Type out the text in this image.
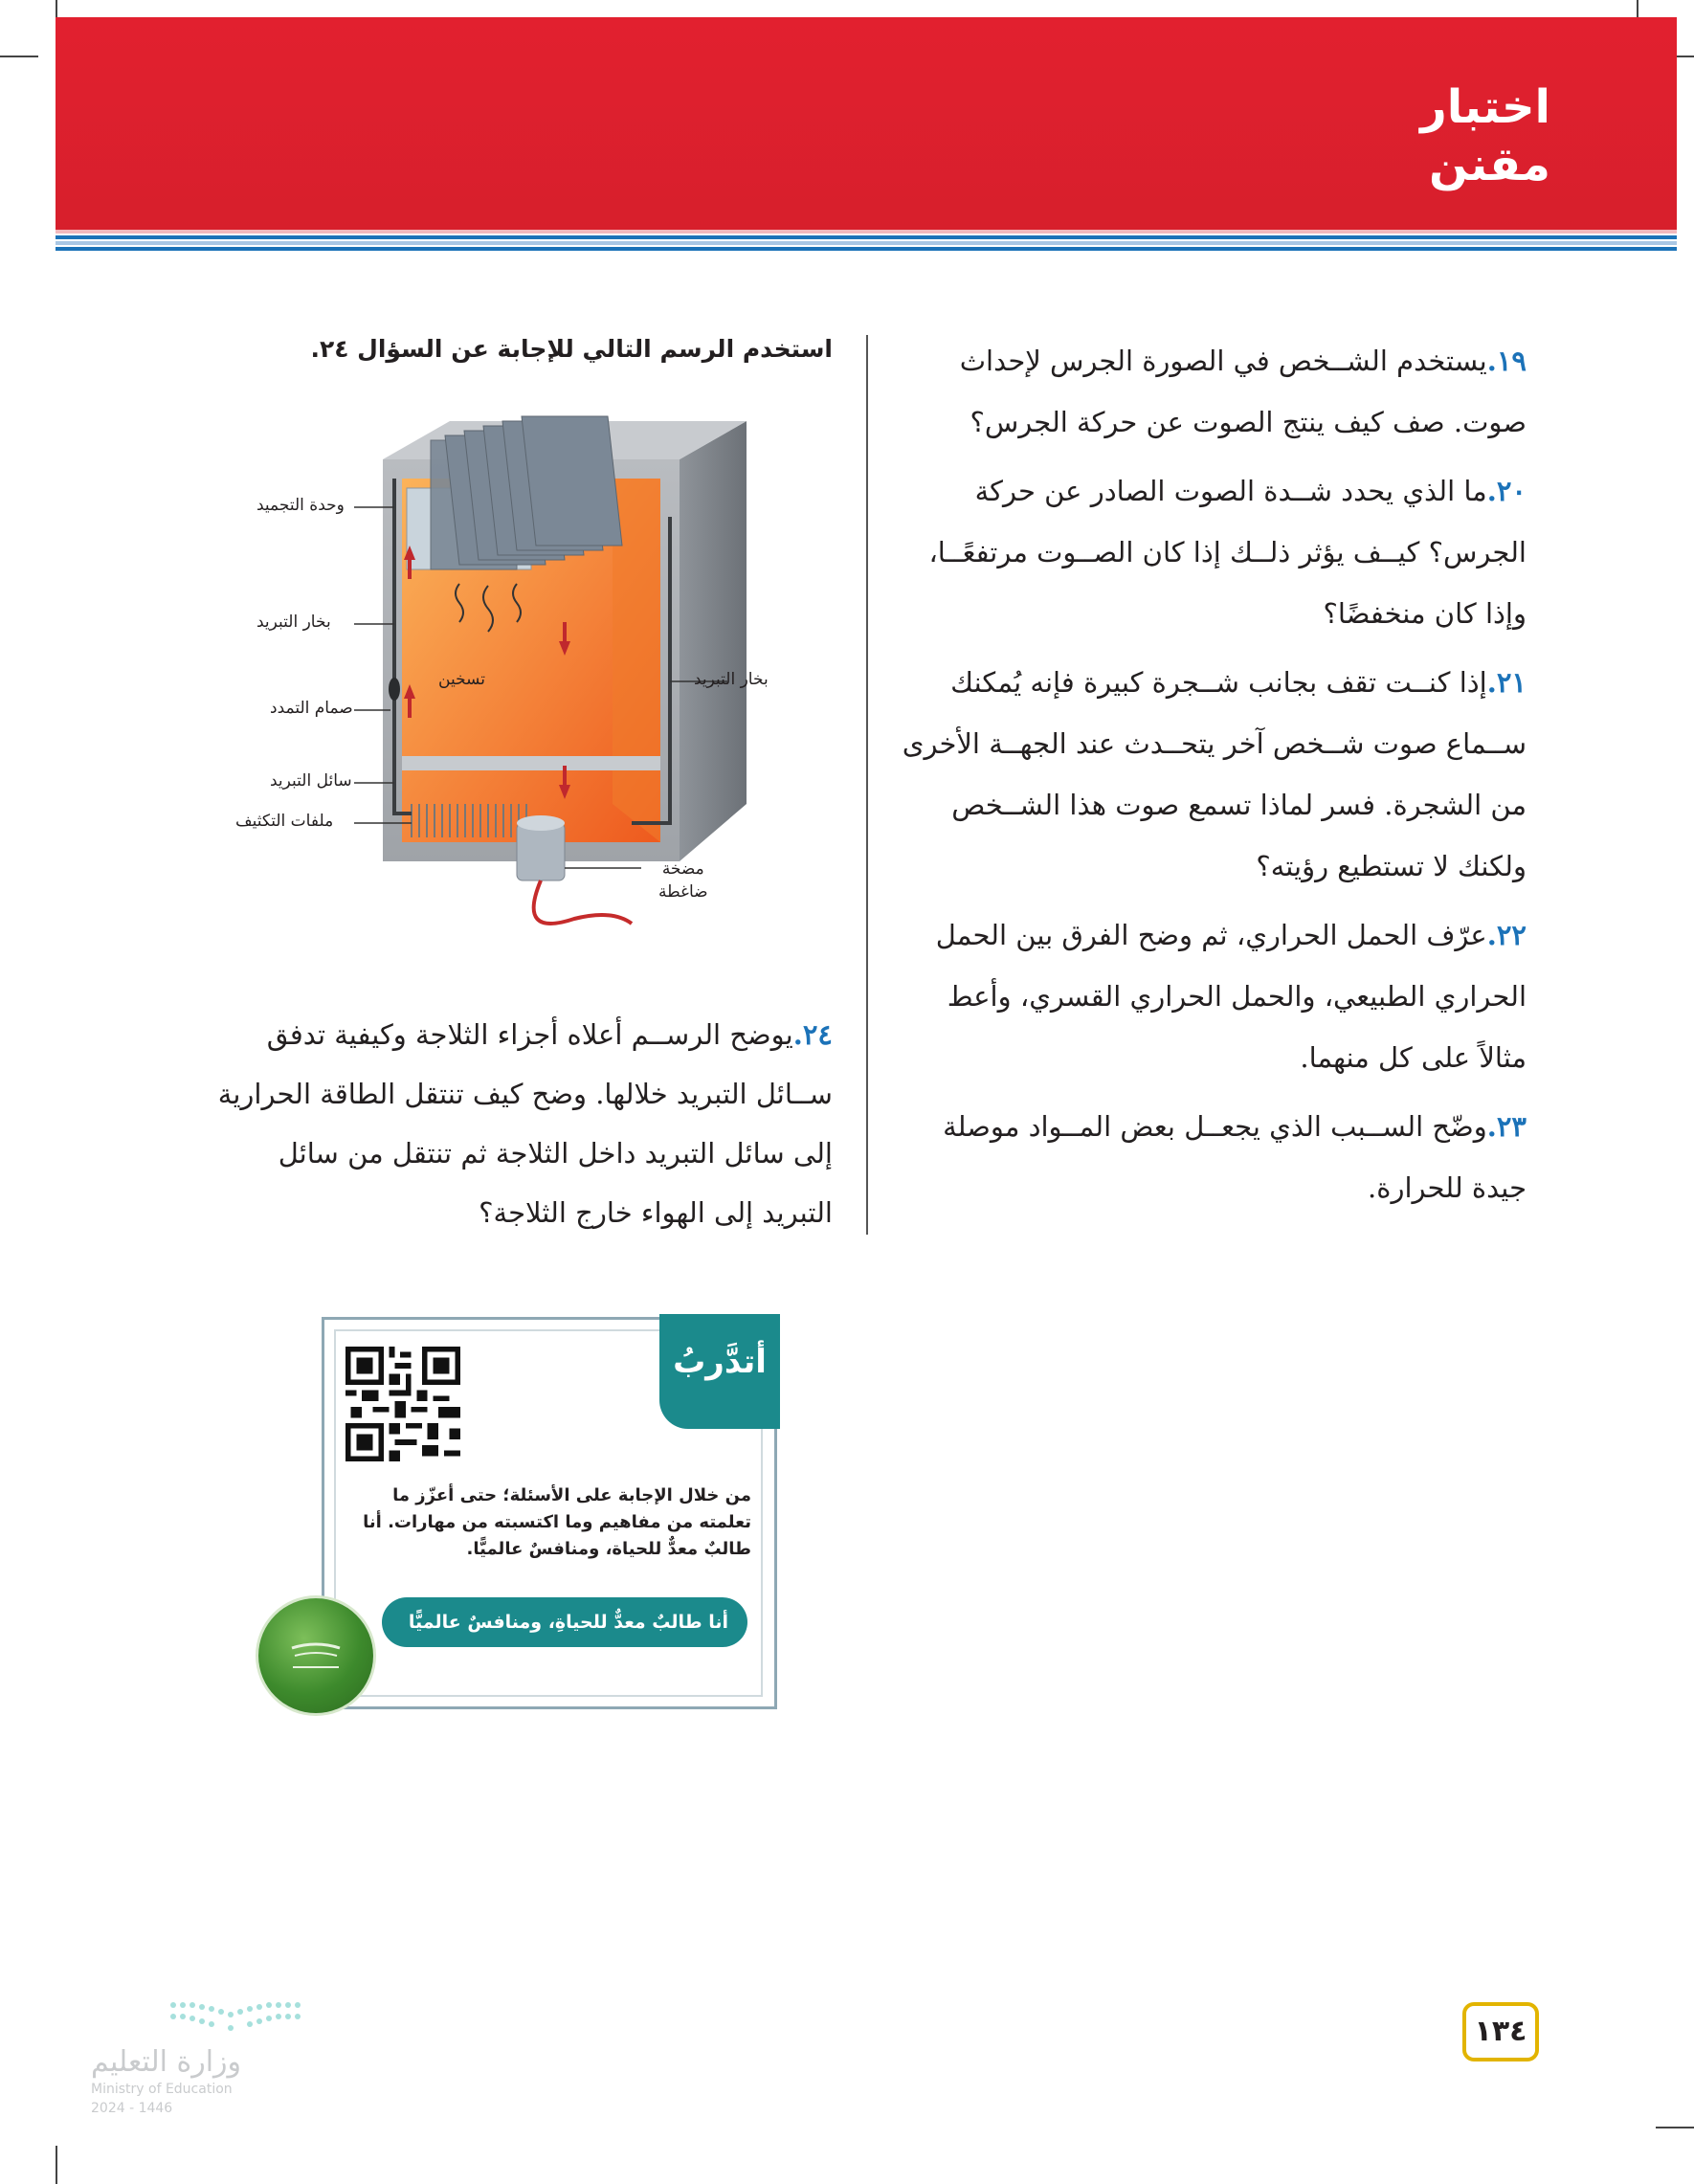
اختبار
مقنن
١٩.يستخدم الشــخص في الصورة الجرس لإحداث صوت. صف كيف ينتج الصوت عن حركة الجرس؟
٢٠.ما الذي يحدد شــدة الصوت الصادر عن حركة الجرس؟ كيــف يؤثر ذلــك إذا كان الصــوت مرتفعًــا، وإذا كان منخفضًا؟
٢١.إذا كنــت تقف بجانب شــجرة كبيرة فإنه يُمكنك ســماع صوت شــخص آخر يتحــدث عند الجهــة الأخرى من الشجرة. فسر لماذا تسمع صوت هذا الشــخص ولكنك لا تستطيع رؤيته؟
٢٢.عرّف الحمل الحراري، ثم وضح الفرق بين الحمل الحراري الطبيعي، والحمل الحراري القسري، وأعط مثالاً على كل منهما.
٢٣.وضّح الســبب الذي يجعــل بعض المــواد موصلة جيدة للحرارة.
استخدم الرسم التالي للإجابة عن السؤال ٢٤.
وحدة التجميد
بخار التبريد
تسخين	بخار التبريد
صمام التمدد
سائل التبريد
ملفات التكثيف
مضخة
ضاغطة
٢٤.يوضح الرســم أعلاه أجزاء الثلاجة وكيفية تدفق ســائل التبريد خلالها. وضح كيف تنتقل الطاقة الحرارية إلى سائل التبريد داخل الثلاجة ثم تنتقل من سائل التبريد إلى الهواء خارج الثلاجة؟
أتدَّربُ
من خلال الإجابة على الأسئلة؛ حتى أعزّز ما تعلمته من مفاهيم وما اكتسبته من مهارات. أنا طالبٌ معدٌّ للحياة، ومنافسٌ عالميًّا.
أنا طالبٌ معدٌّ للحياةِ، ومنافسٌ عالميًّا
١٣٤
وزارة التعليم
Ministry of Education
2024 - 1446
